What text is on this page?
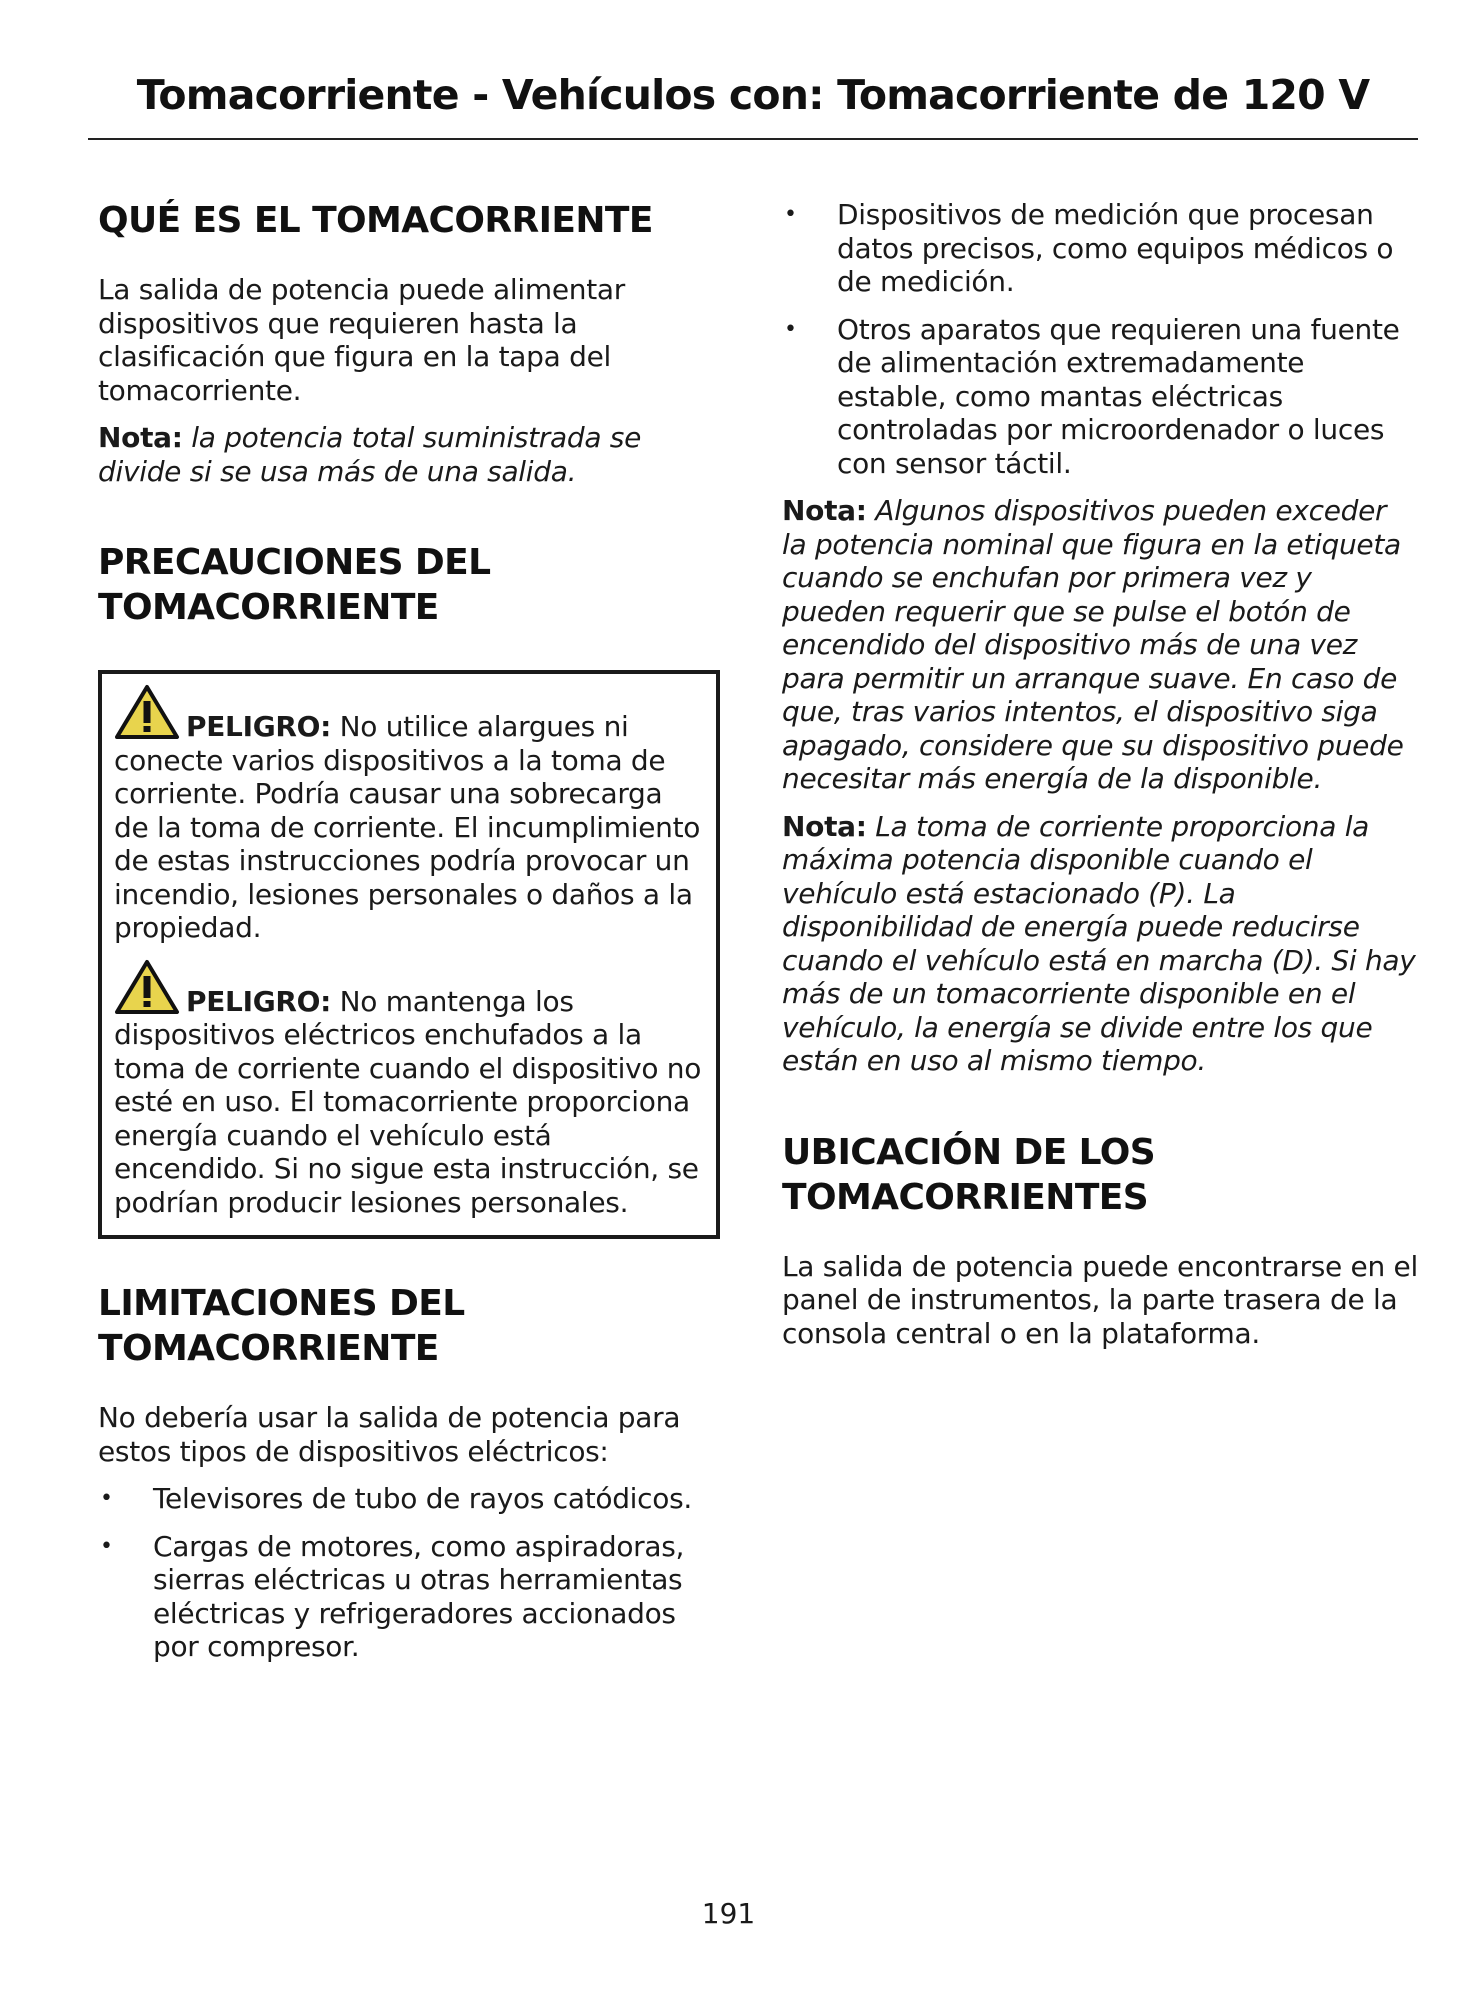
Tomacorriente - Vehículos con: Tomacorriente de 120 V
QUÉ ES EL TOMACORRIENTE

La salida de potencia puede alimentar dispositivos que requieren hasta la clasificación que figura en la tapa del tomacorriente.

Nota: la potencia total suministrada se divide si se usa más de una salida.

PRECAUCIONES DEL
TOMACORRIENTE

PELIGRO: No utilice alargues ni conecte varios dispositivos a la toma de corriente. Podría causar una sobrecarga de la toma de corriente. El incumplimiento de estas instrucciones podría provocar un incendio, lesiones personales o daños a la propiedad.

PELIGRO: No mantenga los dispositivos eléctricos enchufados a la toma de corriente cuando el dispositivo no esté en uso. El tomacorriente proporciona energía cuando el vehículo está encendido. Si no sigue esta instrucción, se podrían producir lesiones personales.

LIMITACIONES DEL
TOMACORRIENTE

No debería usar la salida de potencia para estos tipos de dispositivos eléctricos:

• Televisores de tubo de rayos catódicos.
• Cargas de motores, como aspiradoras, sierras eléctricas u otras herramientas eléctricas y refrigeradores accionados por compresor.
• Dispositivos de medición que procesan datos precisos, como equipos médicos o de medición.
• Otros aparatos que requieren una fuente de alimentación extremadamente estable, como mantas eléctricas controladas por microordenador o luces con sensor táctil.

Nota: Algunos dispositivos pueden exceder la potencia nominal que figura en la etiqueta cuando se enchufan por primera vez y pueden requerir que se pulse el botón de encendido del dispositivo más de una vez para permitir un arranque suave. En caso de que, tras varios intentos, el dispositivo siga apagado, considere que su dispositivo puede necesitar más energía de la disponible.

Nota: La toma de corriente proporciona la máxima potencia disponible cuando el vehículo está estacionado (P). La disponibilidad de energía puede reducirse cuando el vehículo está en marcha (D). Si hay más de un tomacorriente disponible en el vehículo, la energía se divide entre los que están en uso al mismo tiempo.

UBICACIÓN DE LOS
TOMACORRIENTES

La salida de potencia puede encontrarse en el panel de instrumentos, la parte trasera de la consola central o en la plataforma.

191
